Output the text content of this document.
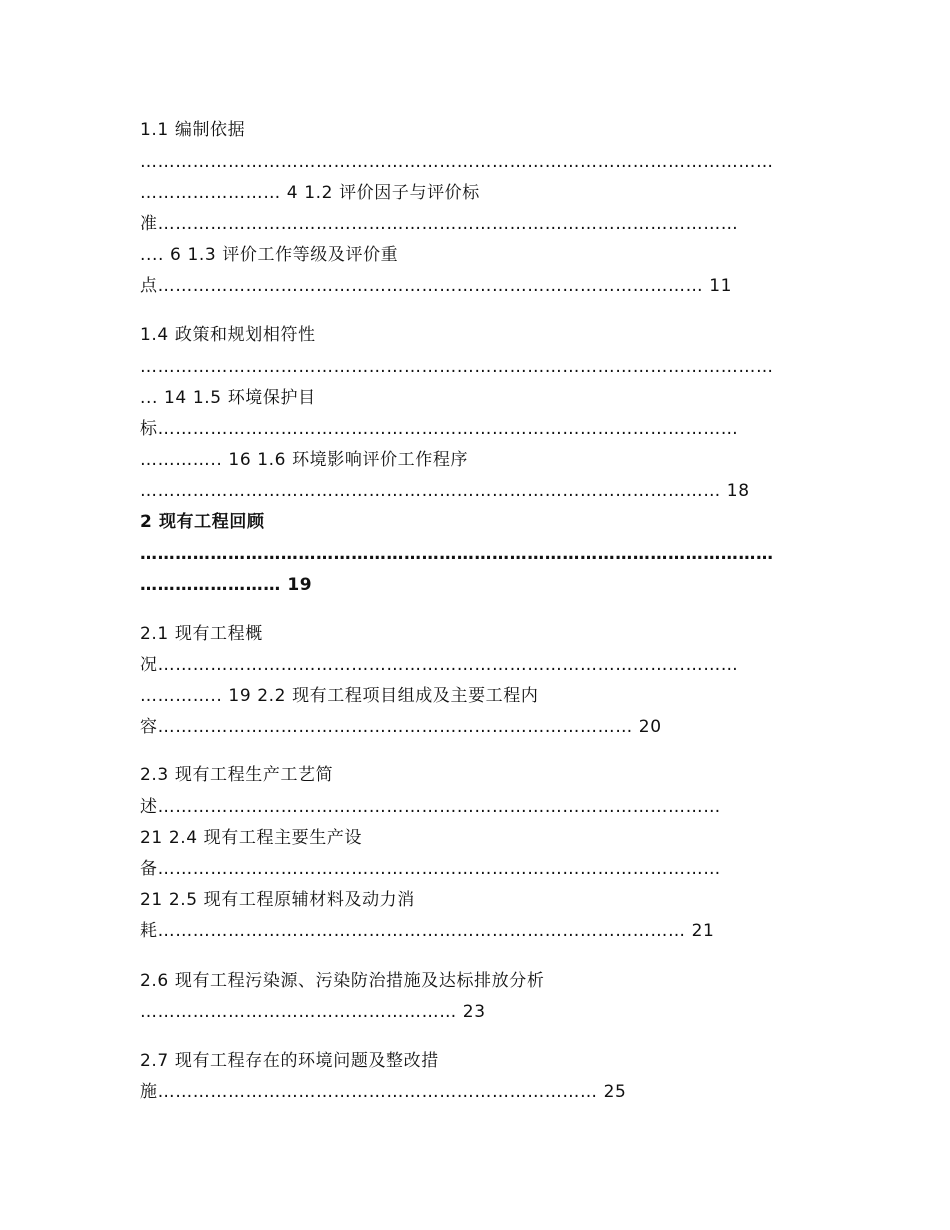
1.1 编制依据
………………………………………………………………………………………………
…………………… 4 1.2 评价因子与评价标
准………………………………………………………………………………………
.... 6 1.3 评价工作等级及评价重
点………………………………………………………………………………… 11
1.4 政策和规划相符性
………………………………………………………………………………………………
... 14 1.5 环境保护目
标………………………………………………………………………………………
………….. 16 1.6 环境影响评价工作程序
……………………………………………………………………………………… 18
2 现有工程回顾
………………………………………………………………………………………………
…………………… 19
2.1 现有工程概
况………………………………………………………………………………………
………….. 19 2.2 现有工程项目组成及主要工程内
容……………………………………………………………………… 20
2.3 现有工程生产工艺简
述……………………………………………………………………………………
21 2.4 现有工程主要生产设
备……………………………………………………………………………………
21 2.5 现有工程原辅材料及动力消
耗……………………………………………………………………………… 21
2.6 现有工程污染源、污染防治措施及达标排放分析
……………………………………………… 23
2.7 现有工程存在的环境问题及整改措
施………………………………………………………………… 25
